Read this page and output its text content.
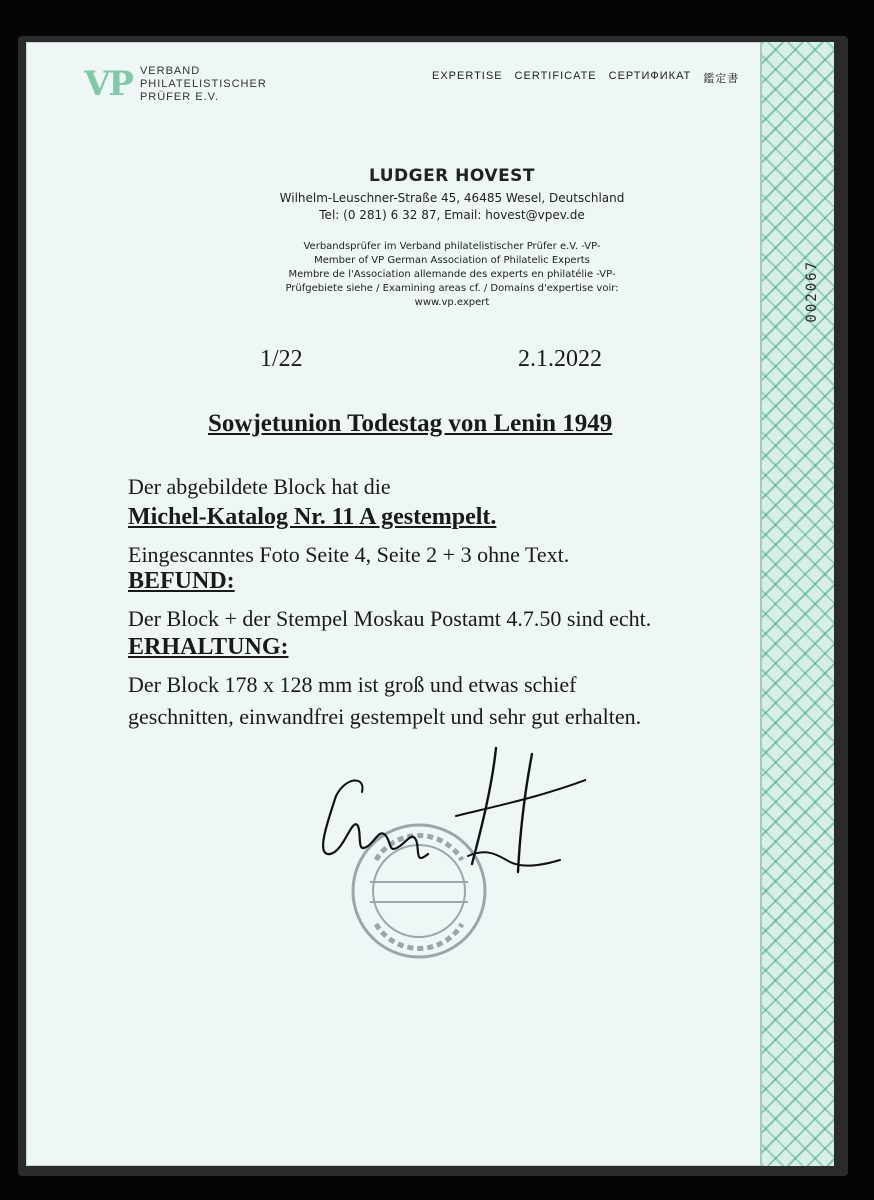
002067
VP VERBAND
PHILATELISTISCHER
PRÜFER E.V.
EXPERTISE CERTIFICATE СЕРТИФИКАТ 鑑定書
LUDGER HOVEST
Wilhelm-Leuschner-Straße 45, 46485 Wesel, Deutschland
Tel: (0 281) 6 32 87, Email: hovest@vpev.de
Verbandsprüfer im Verband philatelistischer Prüfer e.V. -VP-
Member of VP German Association of Philatelic Experts
Membre de l'Association allemande des experts en philatélie -VP-
Prüfgebiete siehe / Examining areas cf. / Domains d'expertise voir:
www.vp.expert
1/22	2.1.2022
Sowjetunion Todestag von Lenin 1949
Der abgebildete Block hat die
Michel-Katalog Nr. 11 A gestempelt.
Eingescanntes Foto Seite 4, Seite 2 + 3 ohne Text.
BEFUND:
Der Block + der Stempel Moskau Postamt 4.7.50 sind echt.
ERHALTUNG:
Der Block 178 x 128 mm ist groß und etwas schief
geschnitten, einwandfrei gestempelt und sehr gut erhalten.
